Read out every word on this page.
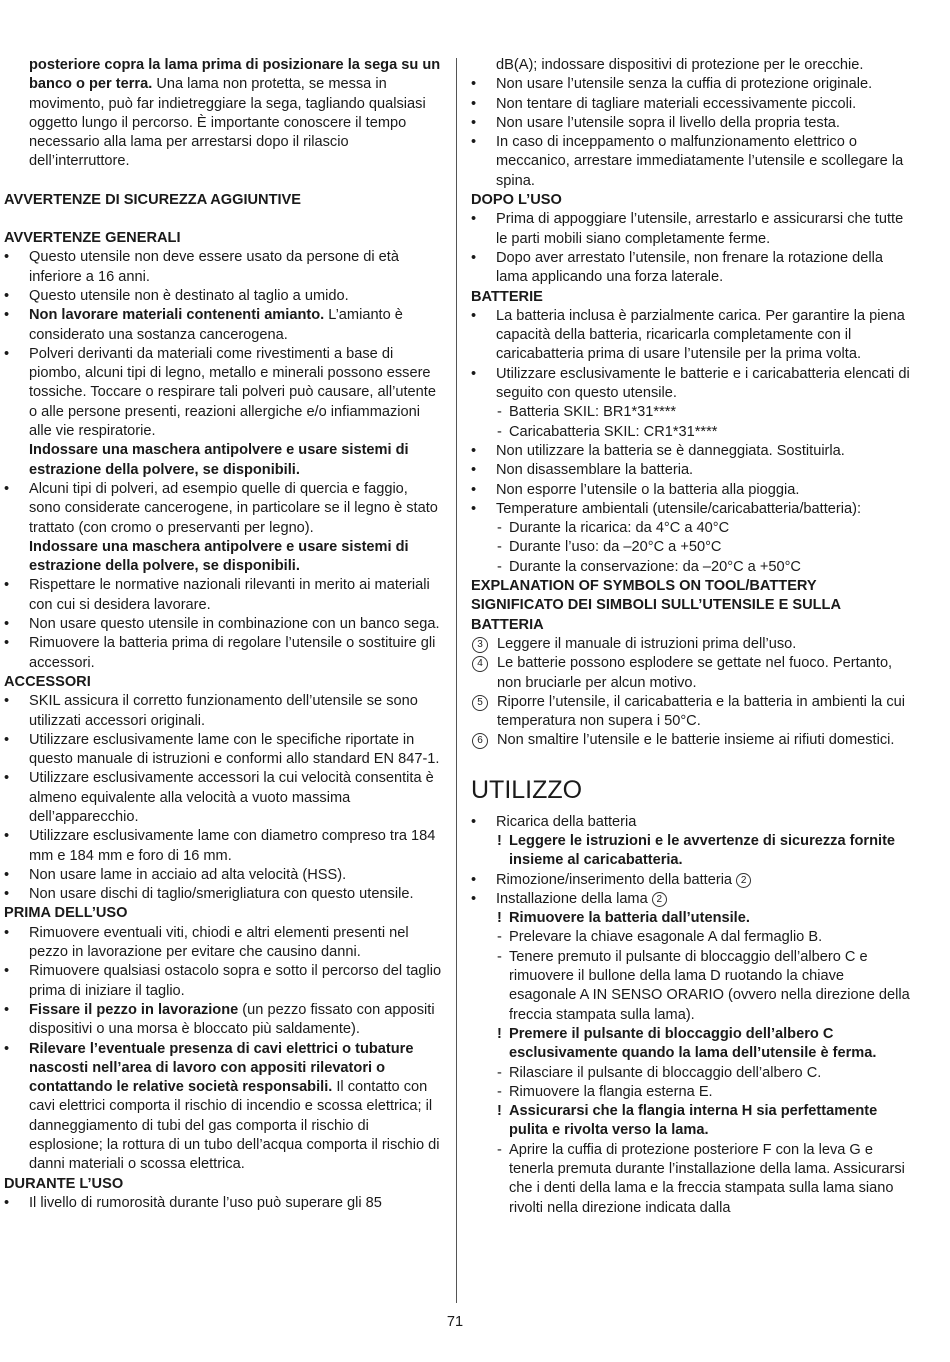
posteriore copra la lama prima di posizionare la sega su un banco o per terra. Una lama non protetta, se messa in movimento, può far indietreggiare la sega, tagliando qualsiasi oggetto lungo il percorso. È importante conoscere il tempo necessario alla lama per arrestarsi dopo il rilascio dell’interruttore.

AVVERTENZE DI SICUREZZA AGGIUNTIVE

AVVERTENZE GENERALI

• Questo utensile non deve essere usato da persone di età inferiore a 16 anni.

• Questo utensile non è destinato al taglio a umido.

• Non lavorare materiali contenenti amianto. L’amianto è considerato una sostanza cancerogena.

• Polveri derivanti da materiali come rivestimenti a base di piombo, alcuni tipi di legno, metallo e minerali possono essere tossiche. Toccare o respirare tali polveri può causare, all’utente o alle persone presenti, reazioni allergiche e/o infiammazioni alle vie respiratorie.

Indossare una maschera antipolvere e usare sistemi di estrazione della polvere, se disponibili.

• Alcuni tipi di polveri, ad esempio quelle di quercia e faggio, sono considerate cancerogene, in particolare se il legno è stato trattato (con cromo o preservanti per legno).

Indossare una maschera antipolvere e usare sistemi di estrazione della polvere, se disponibili.

• Rispettare le normative nazionali rilevanti in merito ai materiali con cui si desidera lavorare.

• Non usare questo utensile in combinazione con un banco sega.

• Rimuovere la batteria prima di regolare l’utensile o sostituire gli accessori.

ACCESSORI

• SKIL assicura il corretto funzionamento dell’utensile se sono utilizzati accessori originali.

• Utilizzare esclusivamente lame con le specifiche riportate in questo manuale di istruzioni e conformi allo standard EN 847-1.

• Utilizzare esclusivamente accessori la cui velocità consentita è almeno equivalente alla velocità a vuoto massima dell’apparecchio.

• Utilizzare esclusivamente lame con diametro compreso tra 184 mm e 184 mm e foro di 16 mm.

• Non usare lame in acciaio ad alta velocità (HSS).

• Non usare dischi di taglio/smerigliatura con questo utensile.

PRIMA DELL’USO

• Rimuovere eventuali viti, chiodi e altri elementi presenti nel pezzo in lavorazione per evitare che causino danni.

• Rimuovere qualsiasi ostacolo sopra e sotto il percorso del taglio prima di iniziare il taglio.

• Fissare il pezzo in lavorazione (un pezzo fissato con appositi dispositivi o una morsa è bloccato più saldamente).

• Rilevare l’eventuale presenza di cavi elettrici o tubature nascosti nell’area di lavoro con appositi rilevatori o contattando le relative società responsabili. Il contatto con cavi elettrici comporta il rischio di incendio e scossa elettrica; il danneggiamento di tubi del gas comporta il rischio di esplosione; la rottura di un tubo dell’acqua comporta il rischio di danni materiali o scossa elettrica.

DURANTE L’USO

• Il livello di rumorosità durante l’uso può superare gli 85

dB(A); indossare dispositivi di protezione per le orecchie.

• Non usare l’utensile senza la cuffia di protezione originale.

• Non tentare di tagliare materiali eccessivamente piccoli.

• Non usare l’utensile sopra il livello della propria testa.

• In caso di inceppamento o malfunzionamento elettrico o meccanico, arrestare immediatamente l’utensile e scollegare la spina.

DOPO L’USO

• Prima di appoggiare l’utensile, arrestarlo e assicurarsi che tutte le parti mobili siano completamente ferme.

• Dopo aver arrestato l’utensile, non frenare la rotazione della lama applicando una forza laterale.

BATTERIE

• La batteria inclusa è parzialmente carica. Per garantire la piena capacità della batteria, ricaricarla completamente con il caricabatteria prima di usare l’utensile per la prima volta.

• Utilizzare esclusivamente le batterie e i caricabatteria elencati di seguito con questo utensile.

- Batteria SKIL: BR1*31****

- Caricabatteria SKIL: CR1*31****

• Non utilizzare la batteria se è danneggiata. Sostituirla.

• Non disassemblare la batteria.

• Non esporre l’utensile o la batteria alla pioggia.

• Temperature ambientali (utensile/caricabatteria/batteria):

- Durante la ricarica: da 4°C a 40°C

- Durante l’uso: da –20°C a +50°C

- Durante la conservazione: da –20°C a +50°C

EXPLANATION OF SYMBOLS ON TOOL/BATTERY

SIGNIFICATO DEI SIMBOLI SULL’UTENSILE E SULLA BATTERIA

3 Leggere il manuale di istruzioni prima dell’uso.

4 Le batterie possono esplodere se gettate nel fuoco. Pertanto, non bruciarle per alcun motivo.

5 Riporre l’utensile, il caricabatteria e la batteria in ambienti la cui temperatura non supera i 50°C.

6 Non smaltire l’utensile e le batterie insieme ai rifiuti domestici.

UTILIZZO

• Ricarica della batteria

! Leggere le istruzioni e le avvertenze di sicurezza fornite insieme al caricabatteria.

• Rimozione/inserimento della batteria 2

• Installazione della lama 2

! Rimuovere la batteria dall’utensile.

- Prelevare la chiave esagonale A dal fermaglio B.

- Tenere premuto il pulsante di bloccaggio dell’albero C e rimuovere il bullone della lama D ruotando la chiave esagonale A IN SENSO ORARIO (ovvero nella direzione della freccia stampata sulla lama).

! Premere il pulsante di bloccaggio dell’albero C esclusivamente quando la lama dell’utensile è ferma.

- Rilasciare il pulsante di bloccaggio dell’albero C.

- Rimuovere la flangia esterna E.

! Assicurarsi che la flangia interna H sia perfettamente pulita e rivolta verso la lama.

- Aprire la cuffia di protezione posteriore F con la leva G e tenerla premuta durante l’installazione della lama. Assicurarsi che i denti della lama e la freccia stampata sulla lama siano rivolti nella direzione indicata dalla

71
